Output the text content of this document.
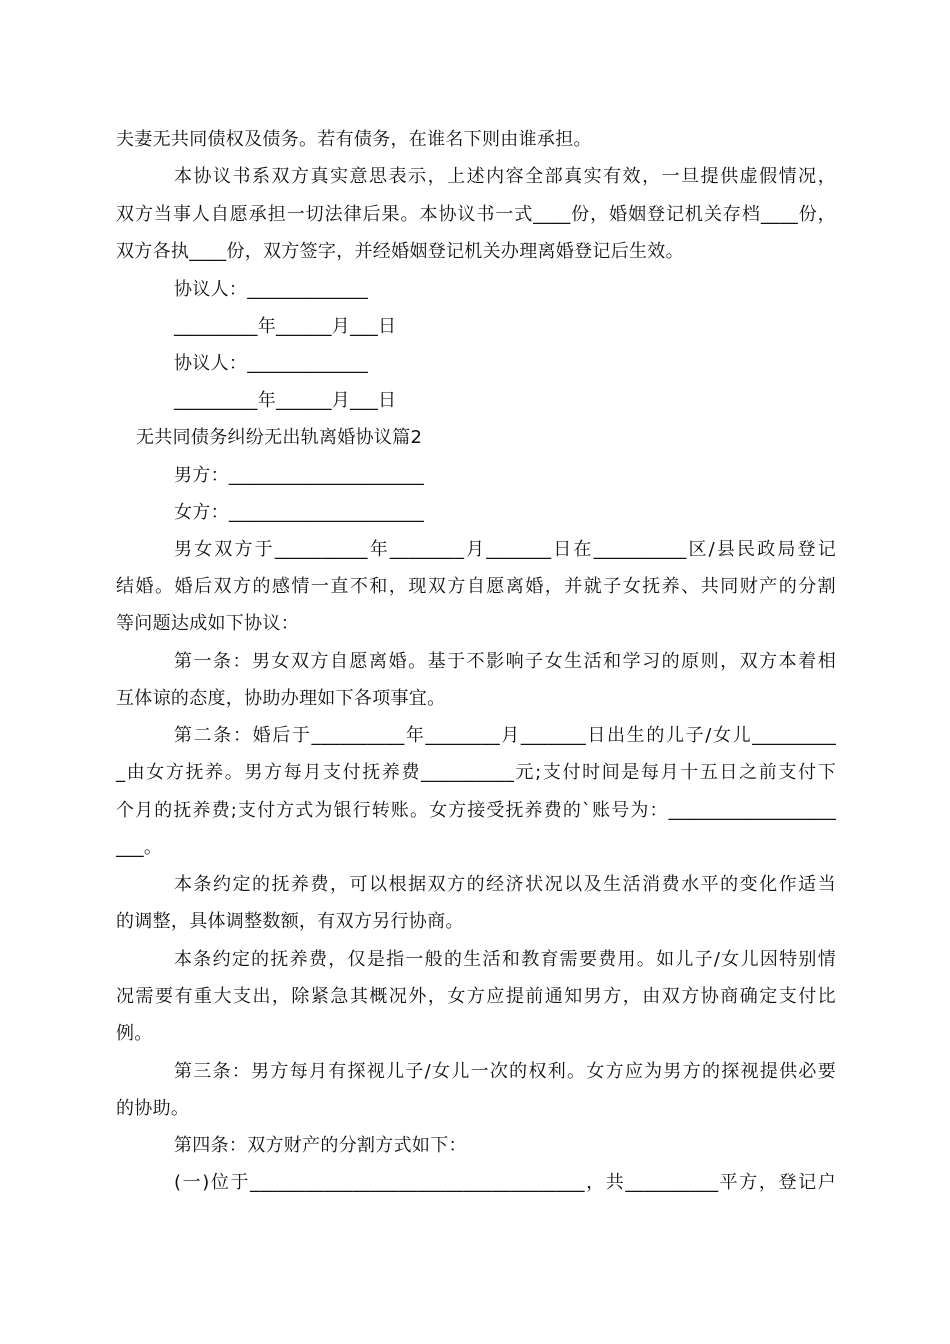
夫妻无共同债权及债务。若有债务，在谁名下则由谁承担。
本协议书系双方真实意思表示，上述内容全部真实有效，一旦提供虚假情况，
双方当事人自愿承担一切法律后果。本协议书一式____份，婚姻登记机关存档____份，
双方各执____份，双方签字，并经婚姻登记机关办理离婚登记后生效。
协议人：_____________
_________年______月___日
协议人：_____________
_________年______月___日
无共同债务纠纷无出轨离婚协议篇2
男方：_____________________
女方：_____________________
男女双方于__________年________月_______日在__________区/县民政局登记
结婚。婚后双方的感情一直不和，现双方自愿离婚，并就子女抚养、共同财产的分割
等问题达成如下协议：
第一条：男女双方自愿离婚。基于不影响子女生活和学习的原则，双方本着相
互体谅的态度，协助办理如下各项事宜。
第二条：婚后于__________年________月_______日出生的儿子/女儿_________
_由女方抚养。男方每月支付抚养费__________元;支付时间是每月十五日之前支付下
个月的抚养费;支付方式为银行转账。女方接受抚养费的`账号为：__________________
___。
本条约定的抚养费，可以根据双方的经济状况以及生活消费水平的变化作适当
的调整，具体调整数额，有双方另行协商。
本条约定的抚养费，仅是指一般的生活和教育需要费用。如儿子/女儿因特别情
况需要有重大支出，除紧急其概况外，女方应提前通知男方，由双方协商确定支付比
例。
第三条：男方每月有探视儿子/女儿一次的权利。女方应为男方的探视提供必要
的协助。
第四条：双方财产的分割方式如下：
(一)位于____________________________________，共__________平方，登记户
